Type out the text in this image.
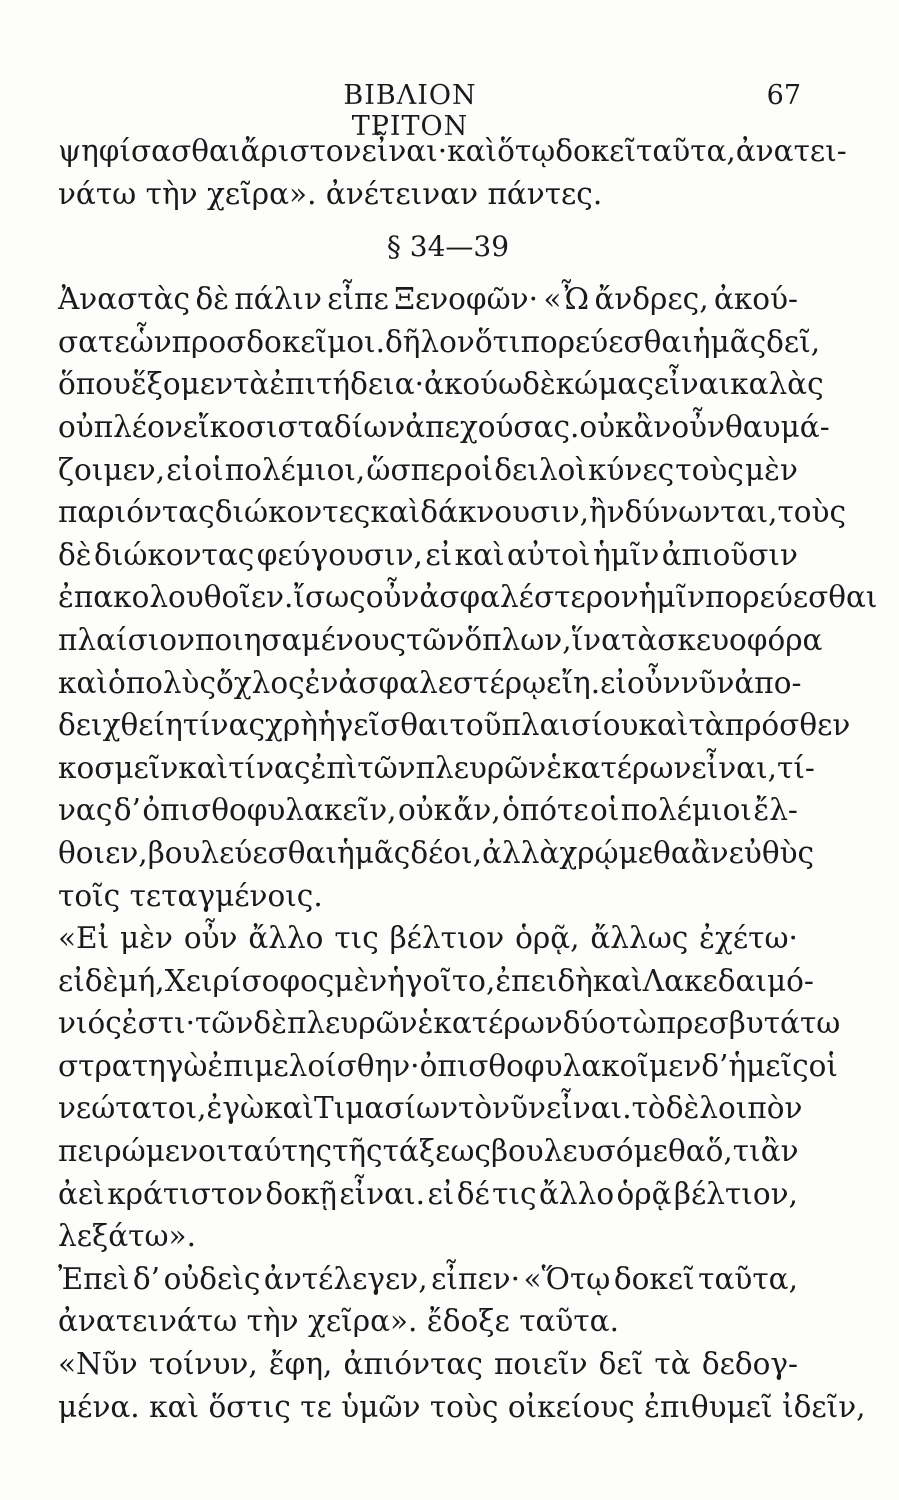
ΒΙΒΛΙΟΝ ΤΡΙΤΟΝ
67
ψηφίσασθαι ἄριστον εἶναι· καὶ ὅτῳ δοκεῖ ταῦτα, ἀνατει-
νάτω τὴν χεῖρα». ἀνέτειναν πάντες.
§ 34—39
Ἀναστὰς δὲ πάλιν εἶπε Ξενοφῶν· «Ὦ ἄνδρες, ἀκού-
σατε ὧν προσδοκεῖ μοι. δῆλον ὅτι πορεύεσθαι ἡμᾶς δεῖ,
ὅπου ἕξομεν τὰ ἐπιτήδεια· ἀκούω δὲ κώμας εἶναι καλὰς
οὐ πλέον εἴκοσι σταδίων ἀπεχούσας. οὐκ ἂν οὖν θαυμά-
ζοιμεν, εἰ οἱ πολέμιοι, ὥσπερ οἱ δειλοὶ κύνες τοὺς μὲν
παριόντας διώκοντες καὶ δάκνουσιν, ἢν δύνωνται, τοὺς
δὲ διώκοντας φεύγουσιν, εἰ καὶ αὐτοὶ ἡμῖν ἀπιοῦσιν
ἐπακολουθοῖεν. ἴσως οὖν ἀσφαλέστερον ἡμῖν πορεύεσθαι
πλαίσιον ποιησαμένους τῶν ὅπλων, ἵνα τὰ σκευοφόρα
καὶ ὁ πολὺς ὄχλος ἐν ἀσφαλεστέρῳ εἴη. εἰ οὖν νῦν ἀπο-
δειχθείη τίνας χρὴ ἡγεῖσθαι τοῦ πλαισίου καὶ τὰ πρόσθεν
κοσμεῖν καὶ τίνας ἐπὶ τῶν πλευρῶν ἑκατέρων εἶναι, τί-
νας δ’ ὀπισθοφυλακεῖν, οὐκ ἄν, ὁπότε οἱ πολέμιοι ἔλ-
θοιεν, βουλεύεσθαι ἡμᾶς δέοι, ἀλλὰ χρῴμεθα ἂν εὐθὺς
τοῖς τεταγμένοις.
«Εἰ μὲν οὖν ἄλλο τις βέλτιον ὁρᾷ, ἄλλως ἐχέτω·
εἰ δὲ μή, Χειρίσοφος μὲν ἡγοῖτο, ἐπειδὴ καὶ Λακεδαιμό-
νιός ἐστι· τῶν δὲ πλευρῶν ἑκατέρων δύο τὼ πρεσβυτάτω
στρατηγὼ ἐπιμελοίσθην· ὀπισθοφυλακοῖμεν δ’ ἡμεῖς οἱ
νεώτατοι, ἐγὼ καὶ Τιμασίων τὸ νῦν εἶναι. τὸ δὲ λοιπὸν
πειρώμενοι ταύτης τῆς τάξεως βουλευσόμεθα ὅ,τι ἂν
ἀεὶ κράτιστον δοκῇ εἶναι. εἰ δέ τις ἄλλο ὁρᾷ βέλτιον,
λεξάτω».
Ἐπεὶ δ’ οὐδεὶς ἀντέλεγεν, εἶπεν· «Ὅτῳ δοκεῖ ταῦτα,
ἀνατεινάτω τὴν χεῖρα». ἔδοξε ταῦτα.
«Νῦν τοίνυν, ἔφη, ἀπιόντας ποιεῖν δεῖ τὰ δεδογ-
μένα. καὶ ὅστις τε ὑμῶν τοὺς οἰκείους ἐπιθυμεῖ ἰδεῖν,
